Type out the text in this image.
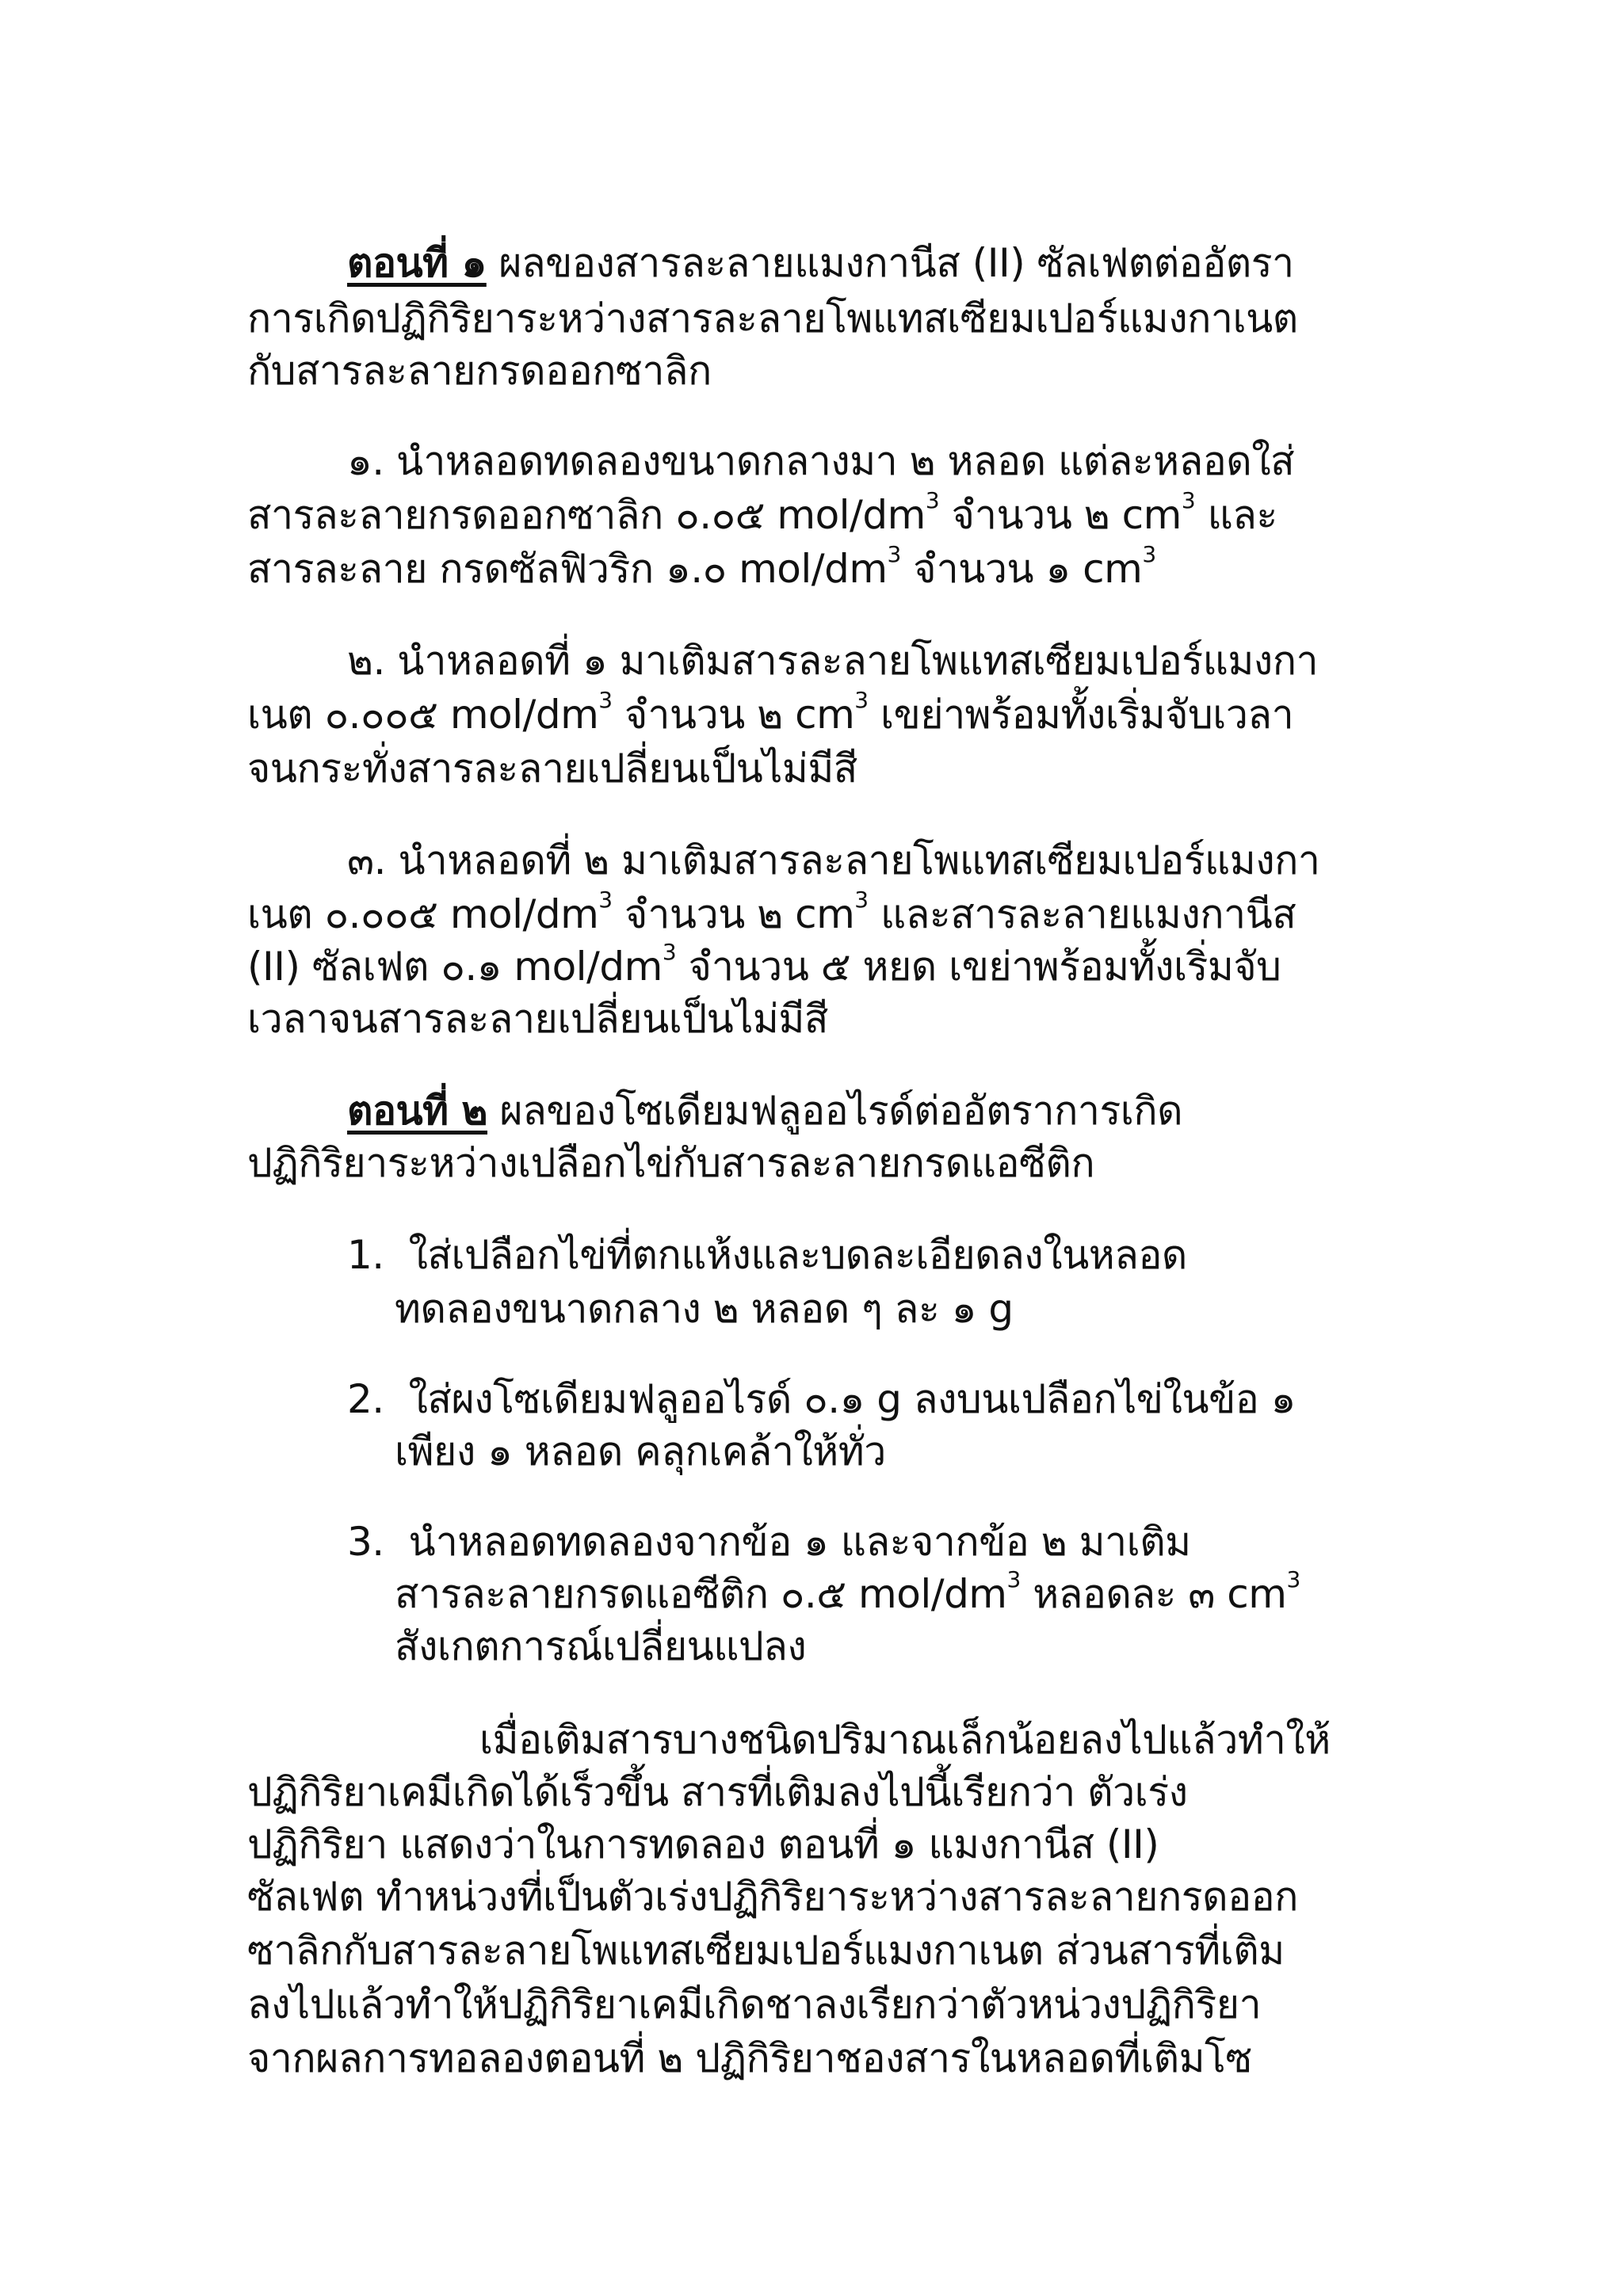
ตอนที่ ๑ ผลของสารละลายแมงกานีส (II) ซัลเฟตต่ออัตรา
การเกิดปฏิกิริยาระหว่างสารละลายโพแทสเซียมเปอร์แมงกาเนต
กับสารละลายกรดออกซาลิก
๑. นำหลอดทดลองขนาดกลางมา ๒ หลอด แต่ละหลอดใส่
สารละลายกรดออกซาลิก ๐.๐๕ mol/$dm^3$ จำนวน ๒ $cm^3$ และ
สารละลาย กรดซัลฟิวริก ๑.๐ mol/$dm^3$ จำนวน ๑ $cm^3$
๒. นำหลอดที่ ๑ มาเติมสารละลายโพแทสเซียมเปอร์แมงกา
เนต ๐.๐๐๕ mol/$dm^3$ จำนวน ๒ $cm^3$ เขย่าพร้อมทั้งเริ่มจับเวลา
จนกระทั่งสารละลายเปลี่ยนเป็นไม่มีสี
๓. นำหลอดที่ ๒ มาเติมสารละลายโพแทสเซียมเปอร์แมงกา
เนต ๐.๐๐๕ mol/$dm^3$ จำนวน ๒ $cm^3$ และสารละลายแมงกานีส
(II) ซัลเฟต ๐.๑ mol/$dm^3$ จำนวน ๕ หยด เขย่าพร้อมทั้งเริ่มจับ
เวลาจนสารละลายเปลี่ยนเป็นไม่มีสี
ตอนที่ ๒ ผลของโซเดียมฟลูออไรด์ต่ออัตราการเกิด
ปฏิกิริยาระหว่างเปลือกไข่กับสารละลายกรดแอซีติก
1. ใส่เปลือกไข่ที่ตกแห้งและบดละเอียดลงในหลอด
ทดลองขนาดกลาง ๒ หลอด ๆ ละ ๑ g
2. ใส่ผงโซเดียมฟลูออไรด์ ๐.๑ g ลงบนเปลือกไข่ในข้อ ๑
เพียง ๑ หลอด คลุกเคล้าให้ทั่ว
3. นำหลอดทดลองจากข้อ ๑ และจากข้อ ๒ มาเติม
สารละลายกรดแอซีติก ๐.๕ mol/$dm^3$ หลอดละ ๓ $cm^3$
สังเกตการณ์เปลี่ยนแปลง
เมื่อเติมสารบางชนิดปริมาณเล็กน้อยลงไปแล้วทำให้
ปฏิกิริยาเคมีเกิดได้เร็วขึ้น สารที่เติมลงไปนี้เรียกว่า ตัวเร่ง
ปฏิกิริยา แสดงว่าในการทดลอง ตอนที่ ๑ แมงกานีส (II)
ซัลเฟต ทำหน่วงที่เป็นตัวเร่งปฏิกิริยาระหว่างสารละลายกรดออก
ซาลิกกับสารละลายโพแทสเซียมเปอร์แมงกาเนต ส่วนสารที่เติม
ลงไปแล้วทำให้ปฏิกิริยาเคมีเกิดชาลงเรียกว่าตัวหน่วงปฏิกิริยา
จากผลการทอลองตอนที่ ๒ ปฏิกิริยาชองสารในหลอดที่เติมโซ
